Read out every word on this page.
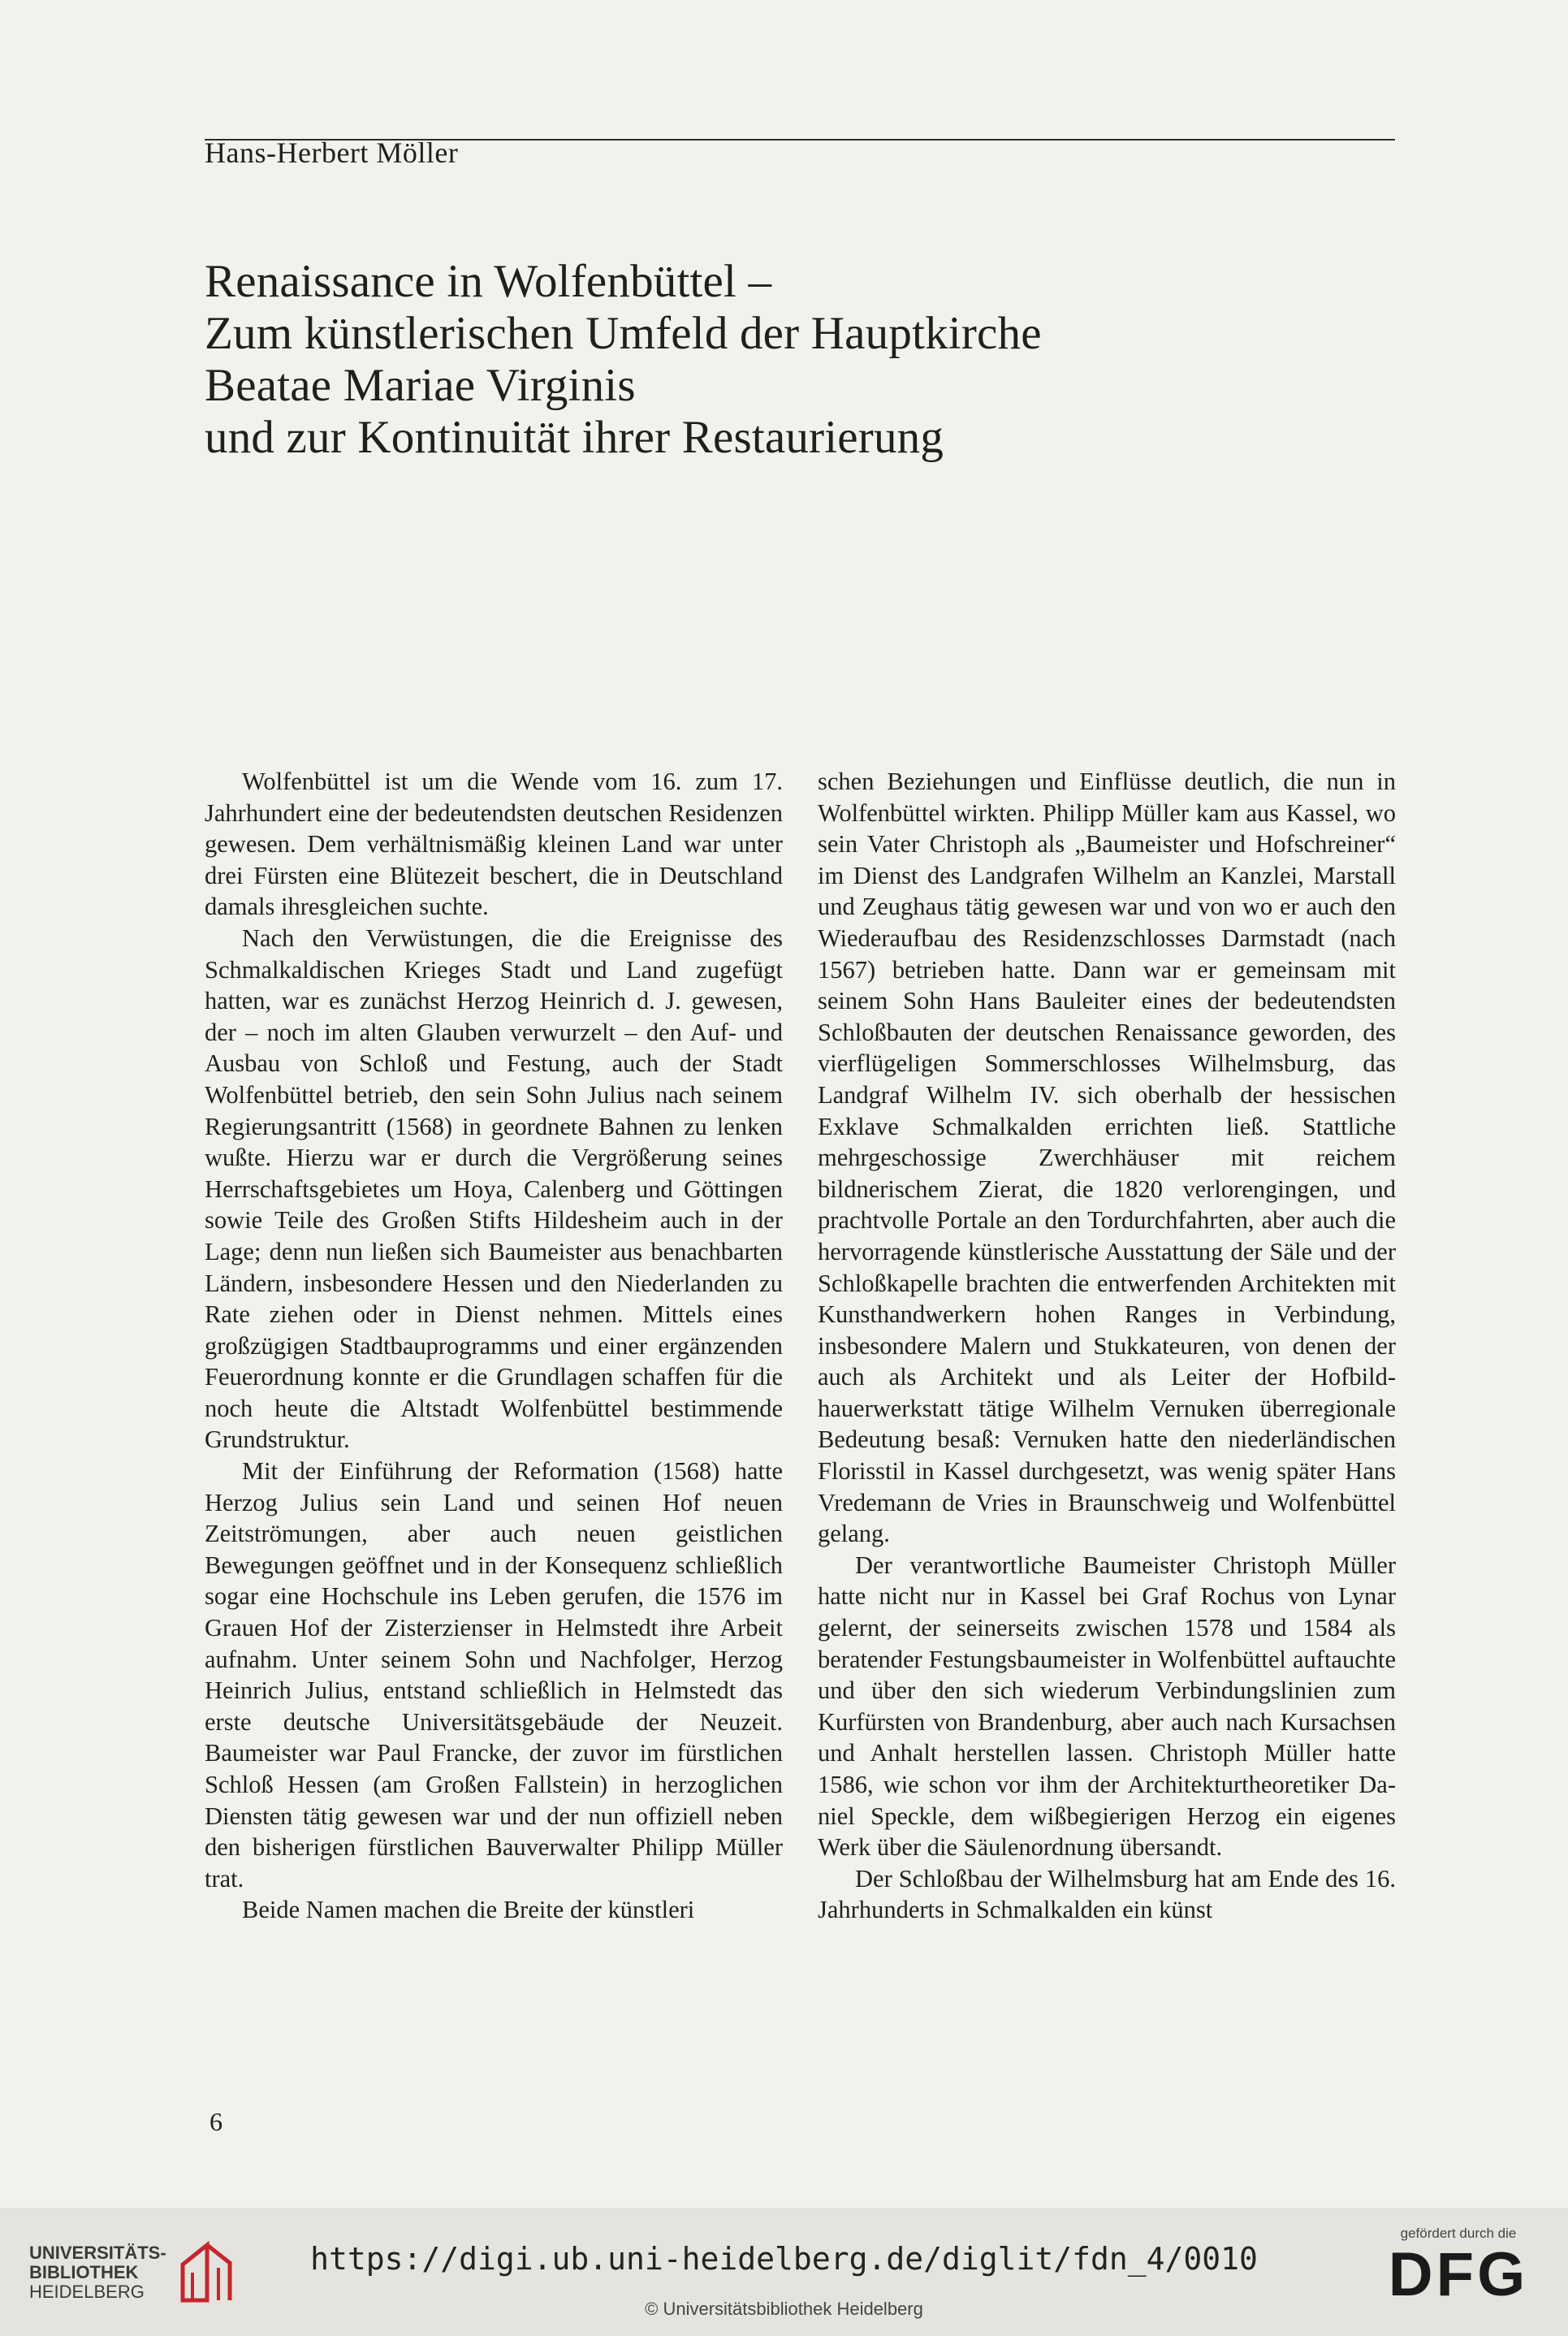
Hans-Herbert Möller
Renaissance in Wolfenbüttel –
Zum künstlerischen Umfeld der Hauptkirche
Beatae Mariae Virginis
und zur Kontinuität ihrer Restaurierung

Wolfenbüttel ist um die Wende vom 16. zum 17. Jahrhundert eine der bedeutendsten deutschen Residenzen gewesen. Dem verhältnismäßig kleinen Land war unter drei Fürsten eine Blütezeit beschert, die in Deutschland damals ihresgleichen suchte.

Nach den Verwüstungen, die die Ereignisse des Schmalkaldischen Krieges Stadt und Land zugefügt hatten, war es zunächst Herzog Heinrich d. J. gewesen, der – noch im alten Glauben verwurzelt – den Auf- und Ausbau von Schloß und Festung, auch der Stadt Wolfenbüttel betrieb, den sein Sohn Julius nach seinem Regierungsantritt (1568) in geordnete Bahnen zu lenken wußte. Hierzu war er durch die Vergrößerung seines Herrschaftsgebietes um Hoya, Calenberg und Göttingen sowie Teile des Großen Stifts Hildesheim auch in der Lage; denn nun ließen sich Baumeister aus benachbarten Ländern, insbesondere Hessen und den Niederlanden zu Rate ziehen oder in Dienst nehmen. Mittels eines großzügigen Stadtbauprogramms und einer ergänzenden Feuerordnung konnte er die Grundlagen schaffen für die noch heute die Altstadt Wolfenbüttel bestimmende Grundstruktur.

Mit der Einführung der Reformation (1568) hatte Herzog Julius sein Land und seinen Hof neuen Zeitströmungen, aber auch neuen geistlichen Bewegungen geöffnet und in der Konsequenz schließlich sogar eine Hochschule ins Leben gerufen, die 1576 im Grauen Hof der Zisterzienser in Helmstedt ihre Arbeit aufnahm. Unter seinem Sohn und Nachfolger, Herzog Heinrich Julius, entstand schließlich in Helmstedt das erste deutsche Universitätsgebäude der Neuzeit. Baumeister war Paul Francke, der zuvor im fürstlichen Schloß Hessen (am Großen Fallstein) in herzoglichen Diensten tätig gewesen war und der nun offiziell neben den bisherigen fürstlichen Bauverwalter Philipp Müller trat.

Beide Namen machen die Breite der künstleri

schen Beziehungen und Einflüsse deutlich, die nun in Wolfenbüttel wirkten. Philipp Müller kam aus Kassel, wo sein Vater Christoph als „Baumeister und Hofschreiner“ im Dienst des Landgrafen Wilhelm an Kanzlei, Marstall und Zeughaus tätig gewesen war und von wo er auch den Wiederaufbau des Residenzschlosses Darmstadt (nach 1567) betrieben hatte. Dann war er gemeinsam mit seinem Sohn Hans Bauleiter eines der bedeutendsten Schloßbauten der deutschen Renaissance geworden, des vierflügeligen Sommerschlosses Wilhelmsburg, das Landgraf Wilhelm IV. sich oberhalb der hessischen Exklave Schmalkalden errichten ließ. Stattliche mehrgeschossige Zwerchhäuser mit reichem bildnerischem Zierat, die 1820 verlorengingen, und prachtvolle Portale an den Tordurchfahrten, aber auch die hervorragende künstlerische Ausstattung der Säle und der Schloßkapelle brachten die entwerfenden Architekten mit Kunsthandwerkern hohen Ranges in Verbindung, insbesondere Malern und Stukkateuren, von denen der auch als Architekt und als Leiter der Hofbildhauerwerkstatt tätige Wilhelm Vernuken überregionale Bedeutung besaß: Vernuken hatte den niederländischen Florisstil in Kassel durchgesetzt, was wenig später Hans Vredemann de Vries in Braunschweig und Wolfenbüttel gelang.

Der verantwortliche Baumeister Christoph Müller hatte nicht nur in Kassel bei Graf Rochus von Lynar gelernt, der seinerseits zwischen 1578 und 1584 als beratender Festungsbaumeister in Wolfenbüttel auftauchte und über den sich wiederum Verbindungslinien zum Kurfürsten von Brandenburg, aber auch nach Kursachsen und Anhalt herstellen lassen. Christoph Müller hatte 1586, wie schon vor ihm der Architekturtheoretiker Daniel Speckle, dem wißbegierigen Herzog ein eigenes Werk über die Säulenordnung übersandt.

Der Schloßbau der Wilhelmsburg hat am Ende des 16. Jahrhunderts in Schmalkalden ein künst

6
UNIVERSITÄTS-
BIBLIOTHEK
HEIDELBERG
https://digi.ub.uni-heidelberg.de/diglit/fdn_4/0010
© Universitätsbibliothek Heidelberg
gefördert durch die
DFG
